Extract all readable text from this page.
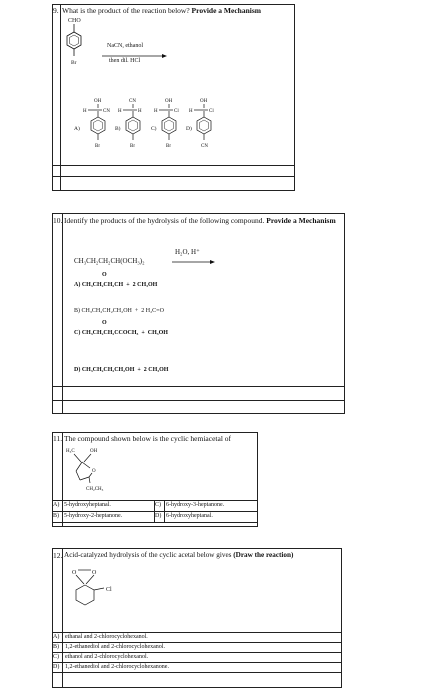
9. What is the product of the reaction below? Provide a Mechanism
CHO
Br
NaCN, ethanol
then dil. HCl
OH
H	CN
Br
A)
CN
H	H
Br
B)
OH
H	Cl
Br
C)
OH
H	Cl
CN
D)
10. Identify the products of the hydrolysis of the following compound. Provide a Mechanism
CH₃CH₂CH₂CH(OCH₃)₂
H₂O, H⁺
O
A) CH₃CH₂CH₂CH  +  2 CH₃OH
B) CH₃CH₂CH₂CH₂OH  +  2 H₂C=O
O
C) CH₃CH₂CH₂CCOCH₃  +  CH₃OH
D) CH₃CH₂CH₂CH₂OH  +  2 CH₃OH
11. The compound shown below is the cyclic hemiacetal of
H₃C	OH
O
CH₂CH₃
A) 5-hydroxyheptanal.	C) 6-hydroxy-3-heptanone.
B) 5-hydroxy-2-heptanone.	D) 6-hydroxyheptanal.
12. Acid-catalyzed hydrolysis of the cyclic acetal below gives (Draw the reaction)
O	O
Cl
A) ethanal and 2-chlorocyclohexanol.
B) 1,2-ethanediol and 2-chlorocyclohexanol.
C) ethanol and 2-chlorocyclohexanol.
D) 1,2-ethanediol and 2-chlorocyclohexanone.
